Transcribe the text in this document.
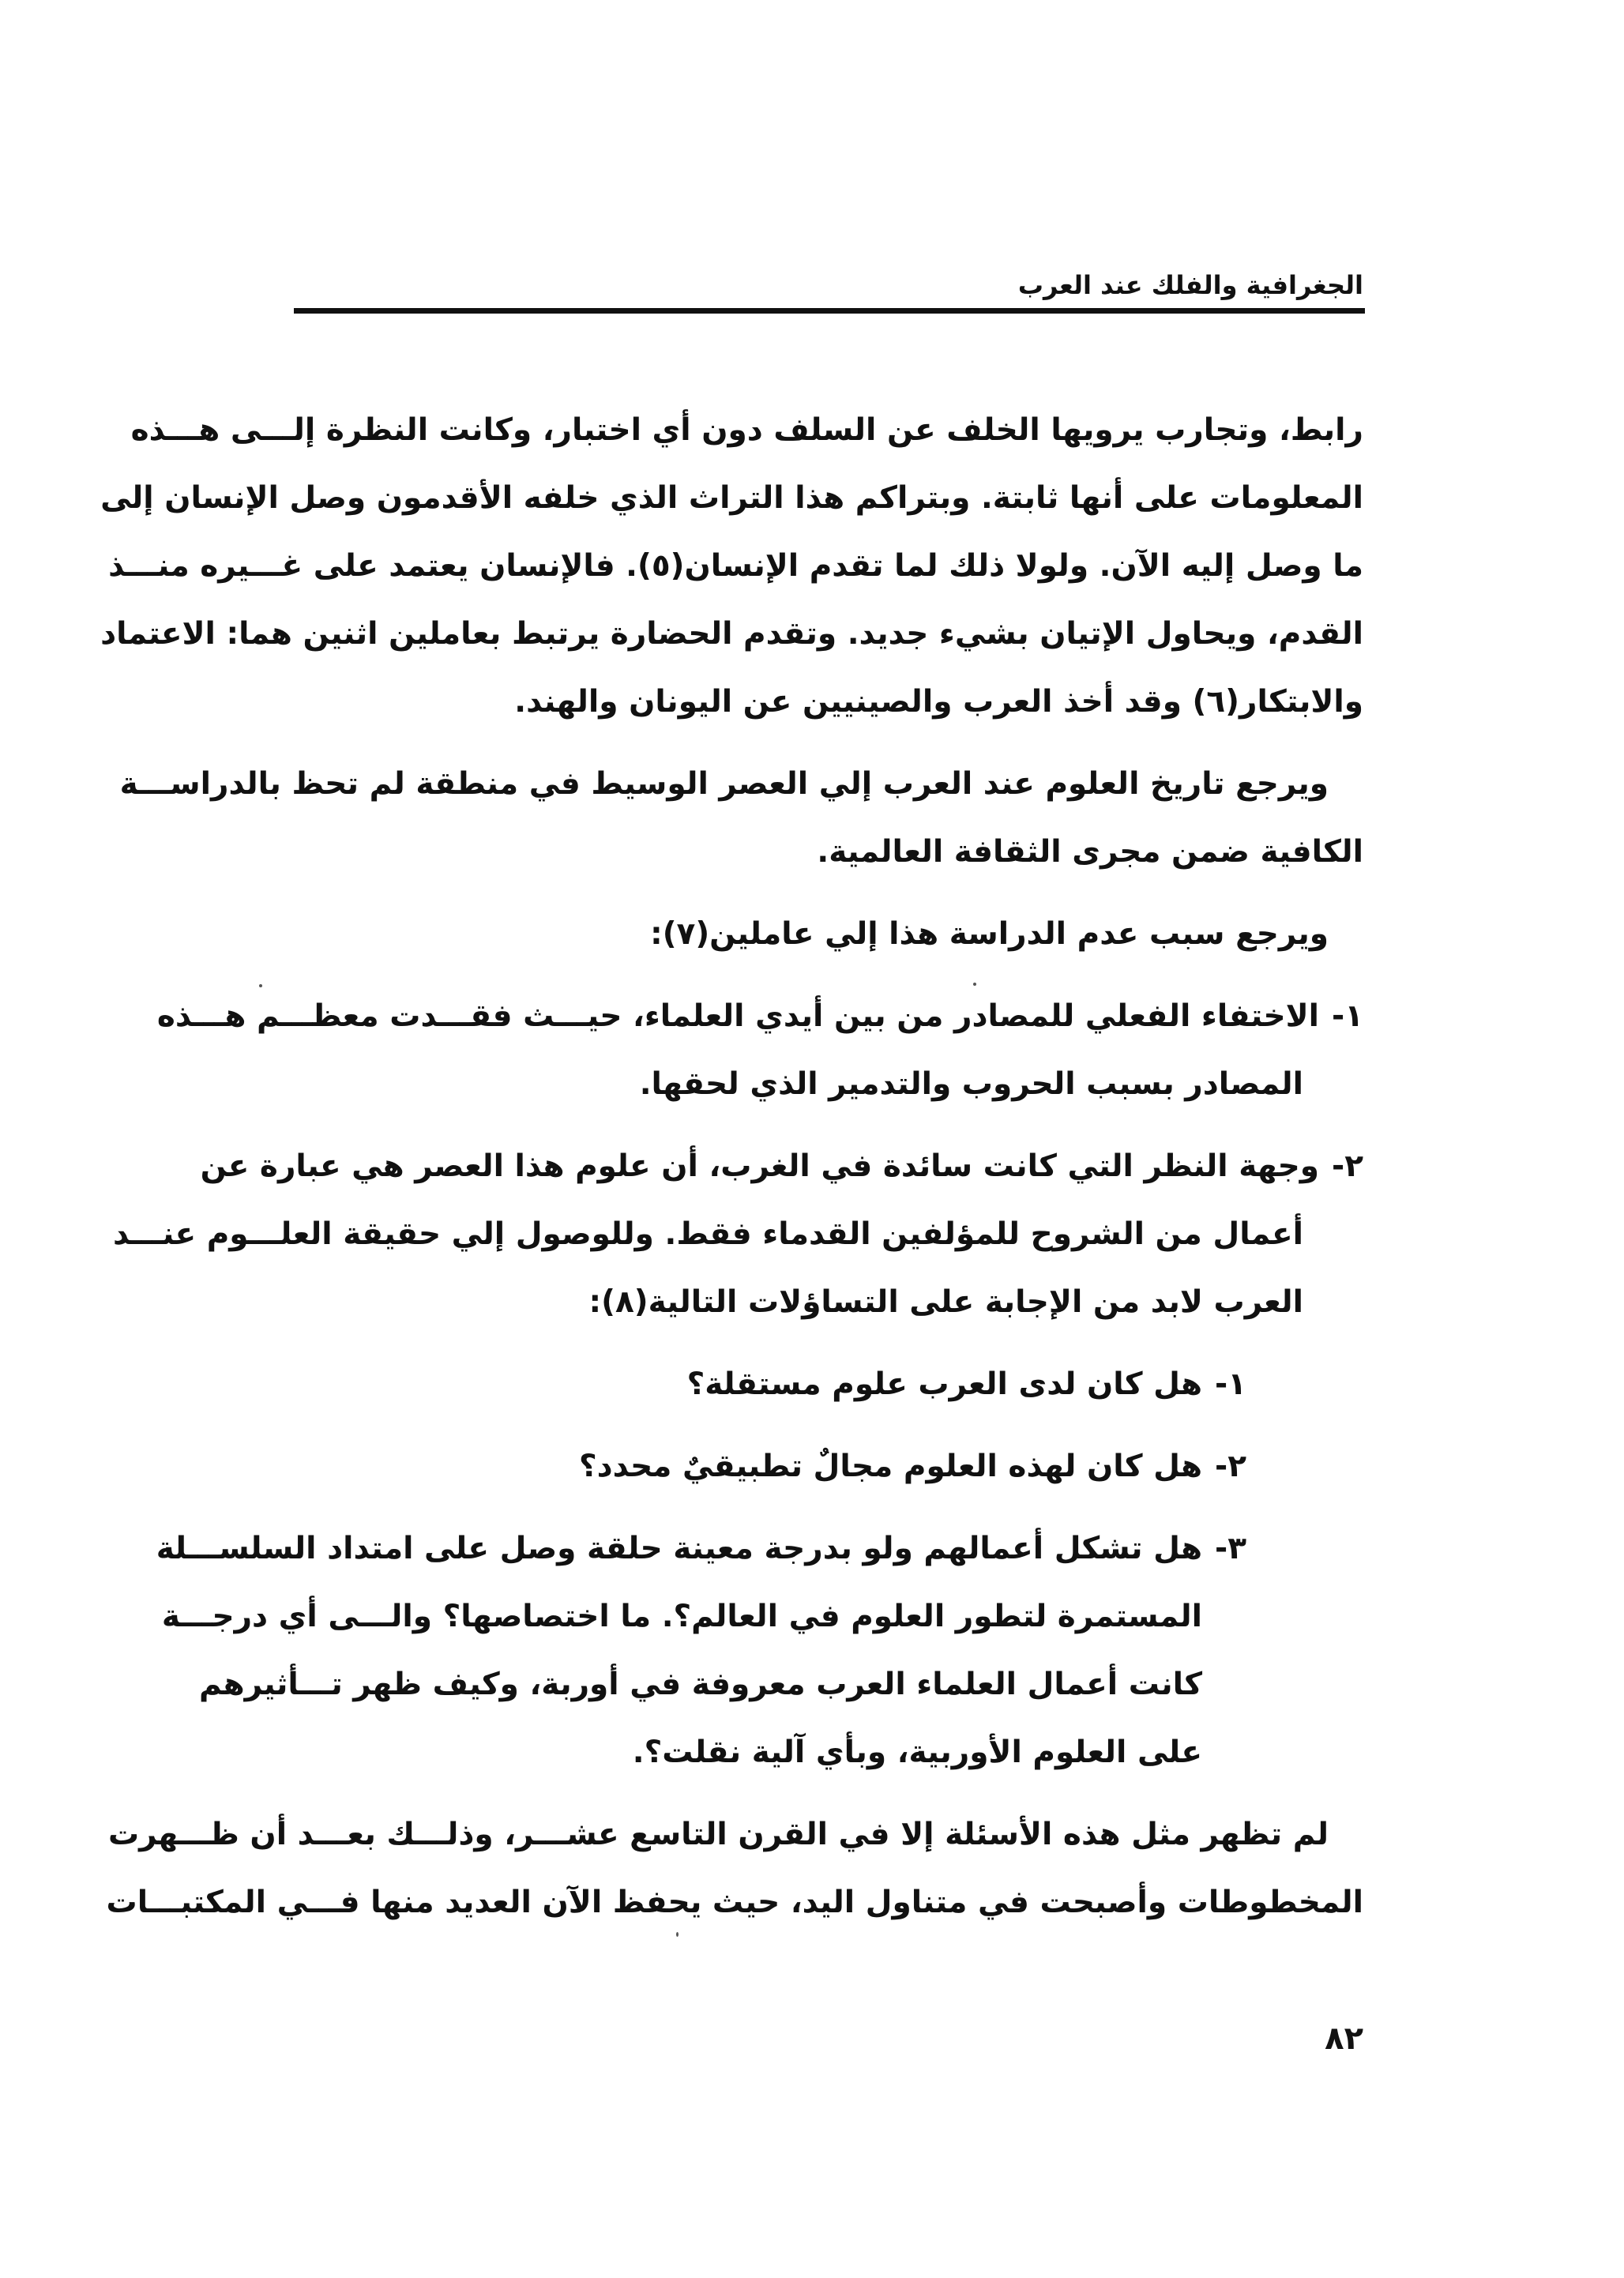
الجغرافية والفلك عند العرب

رابط، وتجارب يرويها الخلف عن السلف دون أي اختبار، وكانت النظرة إلـــى هـــذه
المعلومات على أنها ثابتة. وبتراكم هذا التراث الذي خلفه الأقدمون وصل الإنسان إلى
ما وصل إليه الآن. ولولا ذلك لما تقدم الإنسان(٥). فالإنسان يعتمد على غـــيره منـــذ
القدم، ويحاول الإتيان بشيء جديد. وتقدم الحضارة يرتبط بعاملين اثنين هما: الاعتماد
والابتكار(٦) وقد أخذ العرب والصينيين عن اليونان والهند.

ويرجع تاريخ العلوم عند العرب إلي العصر الوسيط في منطقة لم تحظ بالدراســـة
الكافية ضمن مجرى الثقافة العالمية.

ويرجع سبب عدم الدراسة هذا إلي عاملين(٧):

١-الاختفاء الفعلي للمصادر من بين أيدي العلماء، حيـــث فقـــدت معظـــم هـــذه
المصادر بسبب الحروب والتدمير الذي لحقها.
٢-وجهة النظر التي كانت سائدة في الغرب، أن علوم هذا العصر هي عبارة عن
أعمال من الشروح للمؤلفين القدماء فقط. وللوصول إلي حقيقة العلـــوم عنـــد
العرب لابد من الإجابة على التساؤلات التالية(٨):
١-هل كان لدى العرب علوم مستقلة؟
٢-هل كان لهذه العلوم مجالٌ تطبيقيٌ محدد؟
٣-هل تشكل أعمالهم ولو بدرجة معينة حلقة وصل على امتداد السلســـلة
المستمرة لتطور العلوم في العالم؟. ما اختصاصها؟ والـــى أي درجـــة
كانت أعمال العلماء العرب معروفة في أوربة، وكيف ظهر تـــأثيرهم
على العلوم الأوربية، وبأي آلية نقلت؟.

لم تظهر مثل هذه الأسئلة إلا في القرن التاسع عشـــر، وذلـــك بعـــد أن ظـــهرت
المخطوطات وأصبحت في متناول اليد، حيث يحفظ الآن العديد منها فـــي المكتبـــات

٨٢
